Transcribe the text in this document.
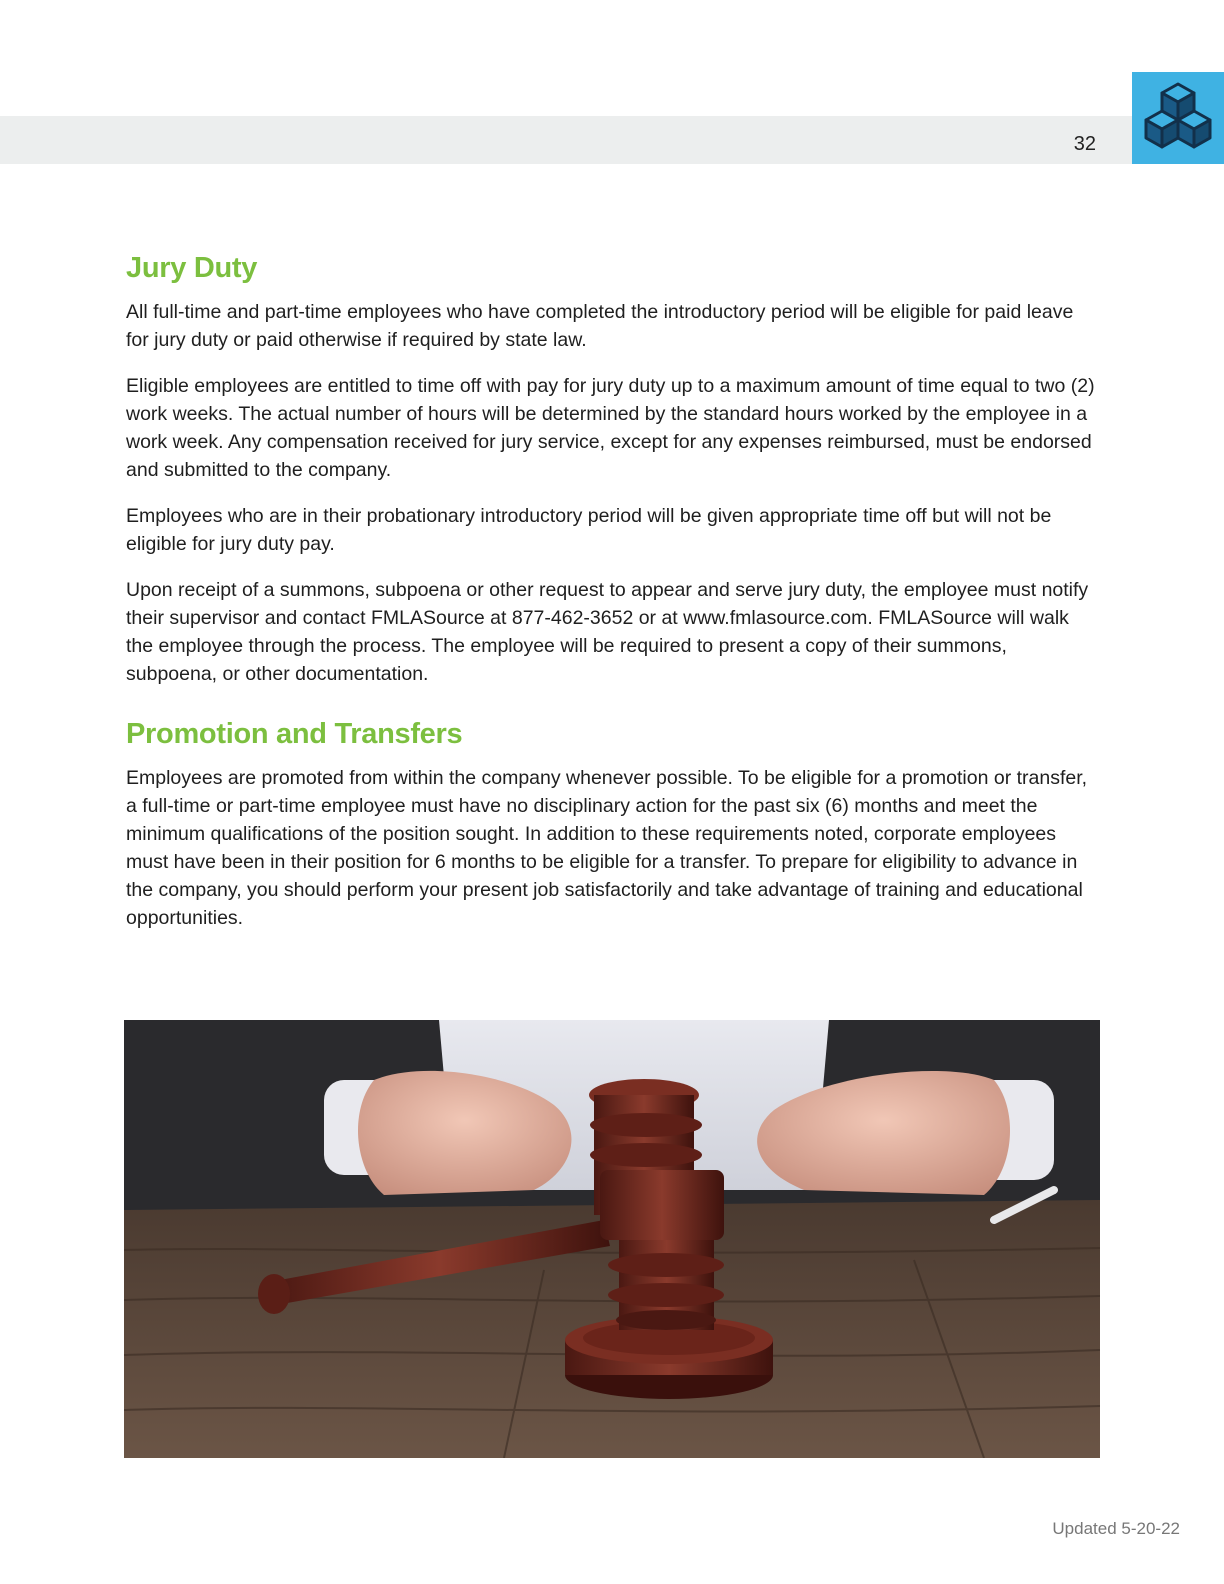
32
Jury Duty

All full-time and part-time employees who have completed the introductory period will be eligible for paid leave for jury duty or paid otherwise if required by state law.

Eligible employees are entitled to time off with pay for jury duty up to a maximum amount of time equal to two (2) work weeks. The actual number of hours will be determined by the standard hours worked by the employee in a work week. Any compensation received for jury service, except for any expenses reimbursed, must be endorsed and submitted to the company.

Employees who are in their probationary introductory period will be given appropriate time off but will not be eligible for jury duty pay.

Upon receipt of a summons, subpoena or other request to appear and serve jury duty, the employee must notify their supervisor and contact FMLASource at 877-462-3652 or at www.fmlasource.com. FMLASource will walk the employee through the process. The employee will be required to present a copy of their summons, subpoena, or other documentation.

Promotion and Transfers

Employees are promoted from within the company whenever possible. To be eligible for a promotion or transfer, a full-time or part-time employee must have no disciplinary action for the past six (6) months and meet the minimum qualifications of the position sought. In addition to these requirements noted, corporate employees must have been in their position for 6 months to be eligible for a transfer. To prepare for eligibility to advance in the company, you should perform your present job satisfactorily and take advantage of training and educational opportunities.

Updated 5-20-22
